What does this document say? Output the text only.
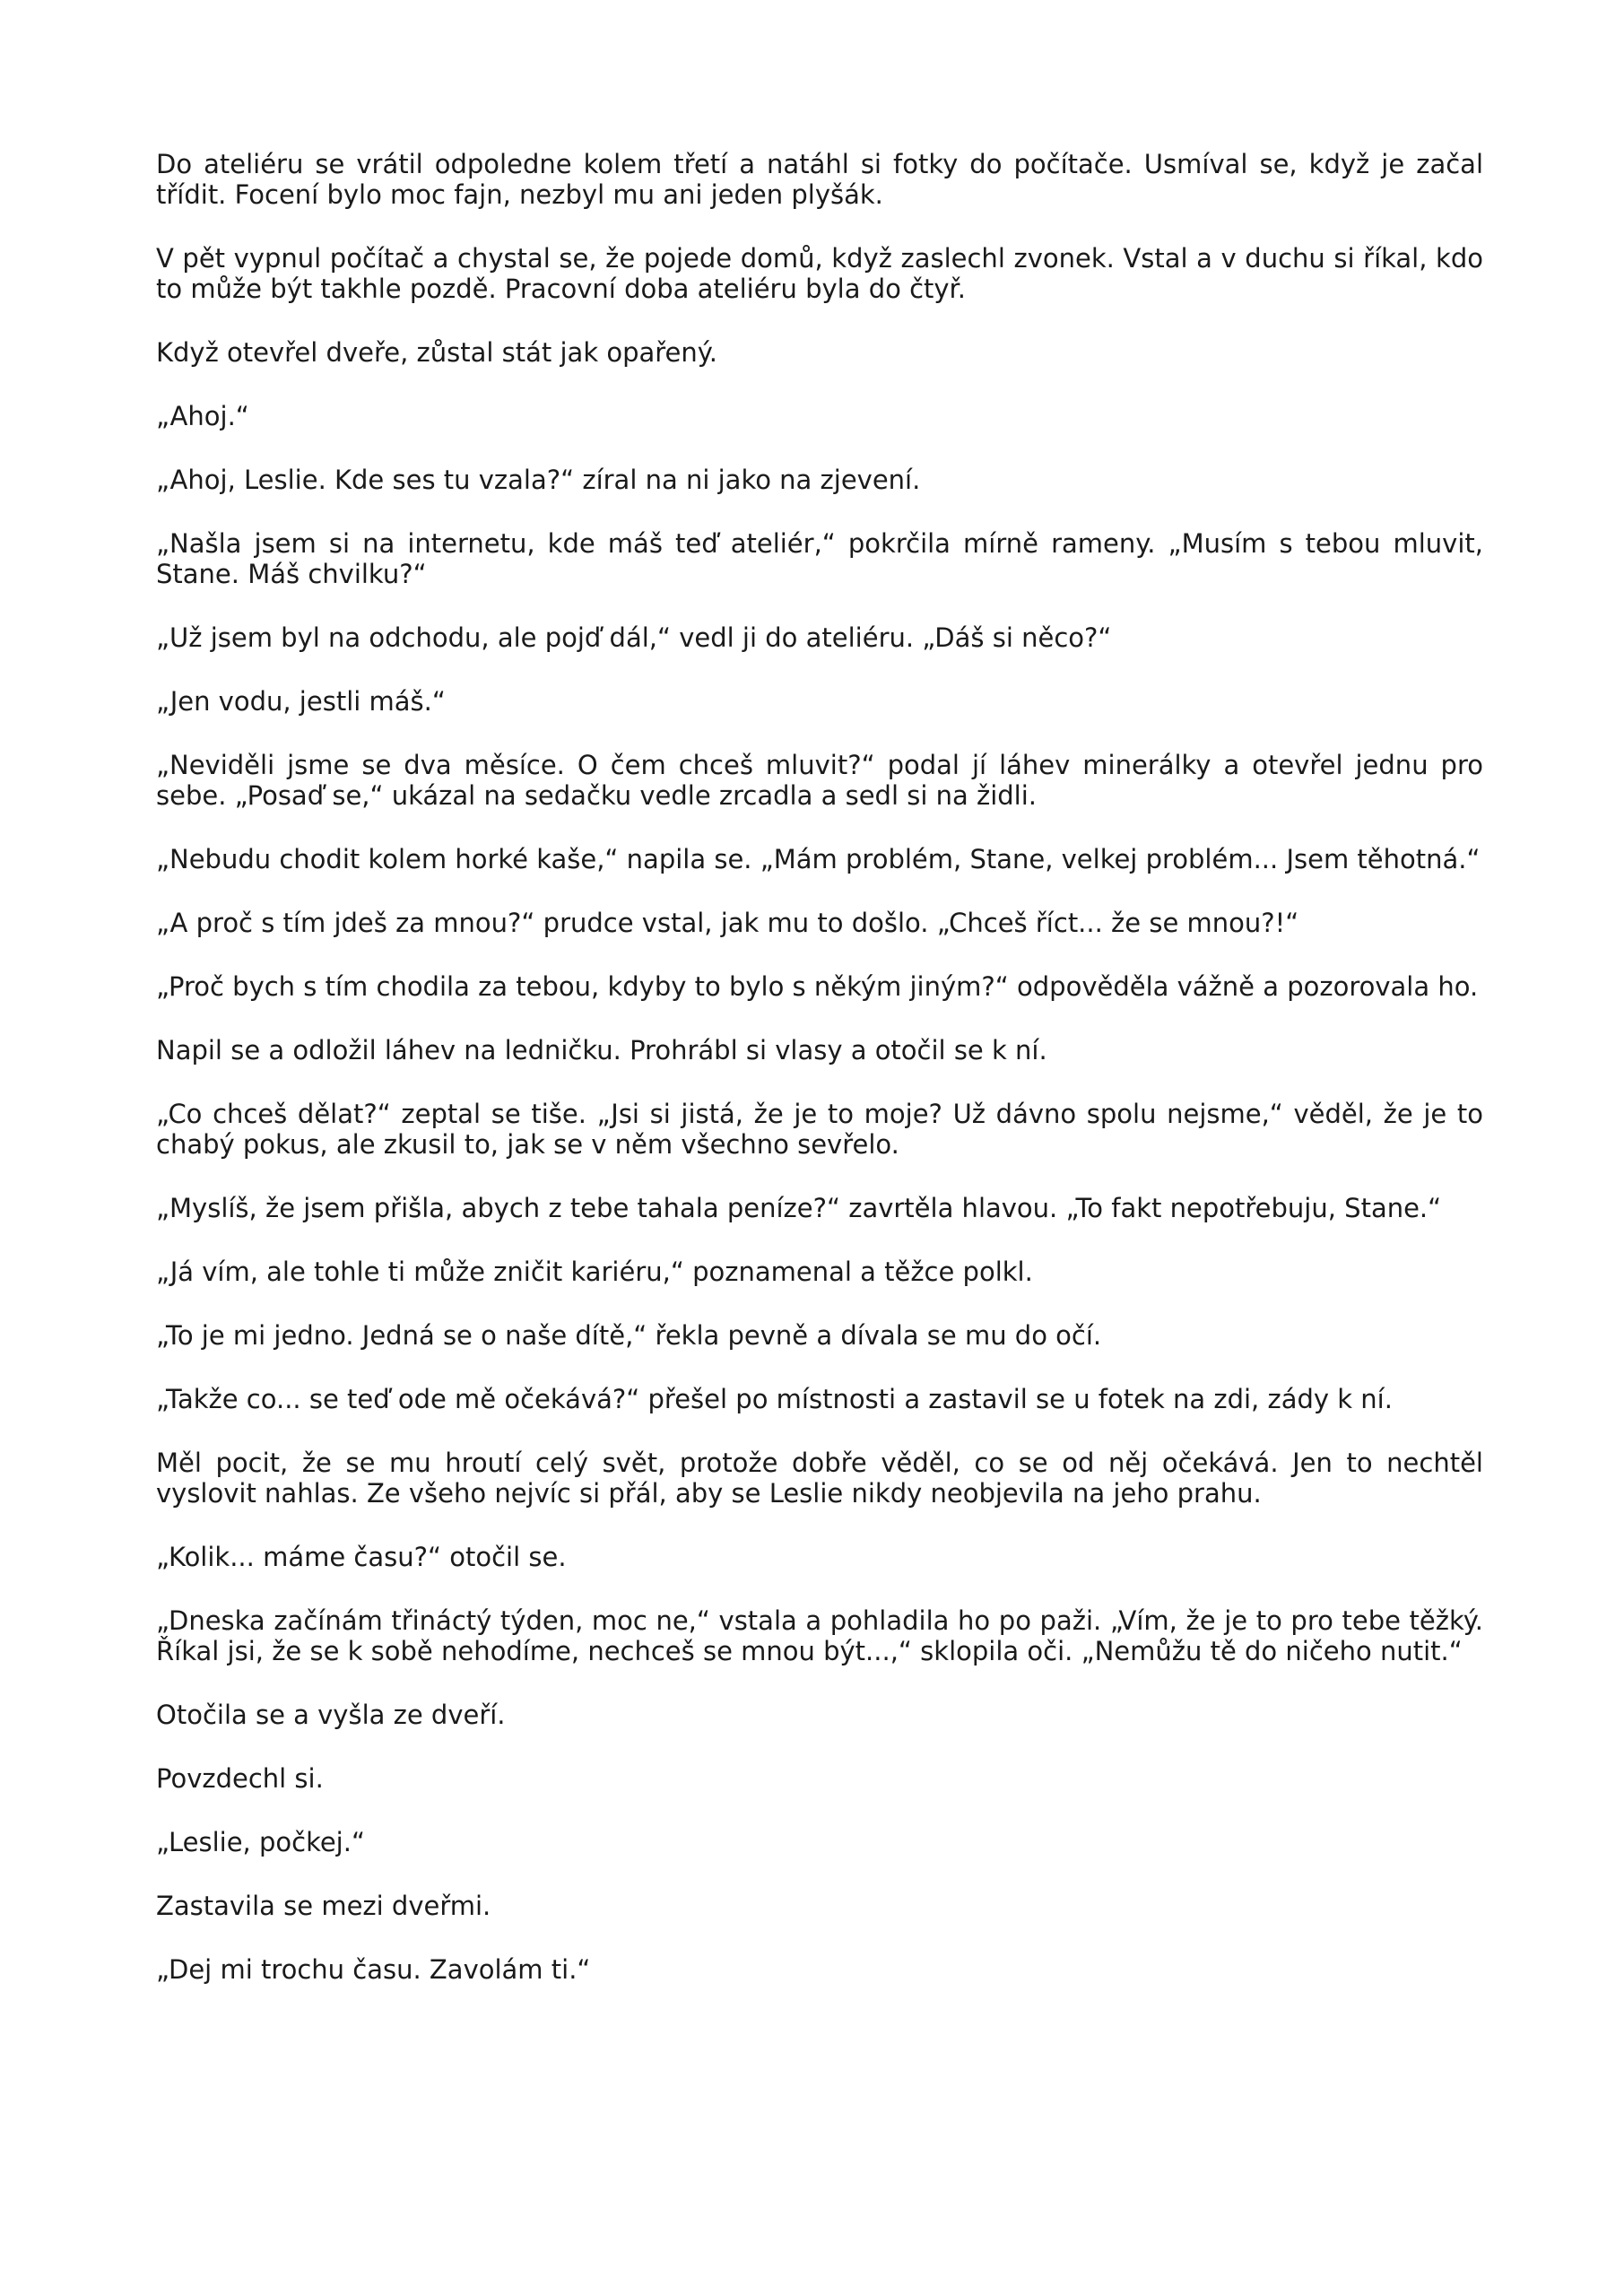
Do ateliéru se vrátil odpoledne kolem třetí a natáhl si fotky do počítače. Usmíval se, když je začal třídit. Focení bylo moc fajn, nezbyl mu ani jeden plyšák.

V pět vypnul počítač a chystal se, že pojede domů, když zaslechl zvonek. Vstal a v duchu si říkal, kdo to může být takhle pozdě. Pracovní doba ateliéru byla do čtyř.

Když otevřel dveře, zůstal stát jak opařený.

„Ahoj.“

„Ahoj, Leslie. Kde ses tu vzala?“ zíral na ni jako na zjevení.

„Našla jsem si na internetu, kde máš teď ateliér,“ pokrčila mírně rameny. „Musím s tebou mluvit, Stane. Máš chvilku?“

„Už jsem byl na odchodu, ale pojď dál,“ vedl ji do ateliéru. „Dáš si něco?“

„Jen vodu, jestli máš.“

„Neviděli jsme se dva měsíce. O čem chceš mluvit?“ podal jí láhev minerálky a otevřel jednu pro sebe. „Posaď se,“ ukázal na sedačku vedle zrcadla a sedl si na židli.

„Nebudu chodit kolem horké kaše,“ napila se. „Mám problém, Stane, velkej problém... Jsem těhotná.“

„A proč s tím jdeš za mnou?“ prudce vstal, jak mu to došlo. „Chceš říct... že se mnou?!“

„Proč bych s tím chodila za tebou, kdyby to bylo s někým jiným?“ odpověděla vážně a pozorovala ho.

Napil se a odložil láhev na ledničku. Prohrábl si vlasy a otočil se k ní.

„Co chceš dělat?“ zeptal se tiše. „Jsi si jistá, že je to moje? Už dávno spolu nejsme,“ věděl, že je to chabý pokus, ale zkusil to, jak se v něm všechno sevřelo.

„Myslíš, že jsem přišla, abych z tebe tahala peníze?“ zavrtěla hlavou. „To fakt nepotřebuju, Stane.“

„Já vím, ale tohle ti může zničit kariéru,“ poznamenal a těžce polkl.

„To je mi jedno. Jedná se o naše dítě,“ řekla pevně a dívala se mu do očí.

„Takže co... se teď ode mě očekává?“ přešel po místnosti a zastavil se u fotek na zdi, zády k ní.

Měl pocit, že se mu hroutí celý svět, protože dobře věděl, co se od něj očekává. Jen to nechtěl vyslovit nahlas. Ze všeho nejvíc si přál, aby se Leslie nikdy neobjevila na jeho prahu.

„Kolik... máme času?“ otočil se.

„Dneska začínám třináctý týden, moc ne,“ vstala a pohladila ho po paži. „Vím, že je to pro tebe těžký. Říkal jsi, že se k sobě nehodíme, nechceš se mnou být...,“ sklopila oči. „Nemůžu tě do ničeho nutit.“

Otočila se a vyšla ze dveří.

Povzdechl si.

„Leslie, počkej.“

Zastavila se mezi dveřmi.

„Dej mi trochu času. Zavolám ti.“
